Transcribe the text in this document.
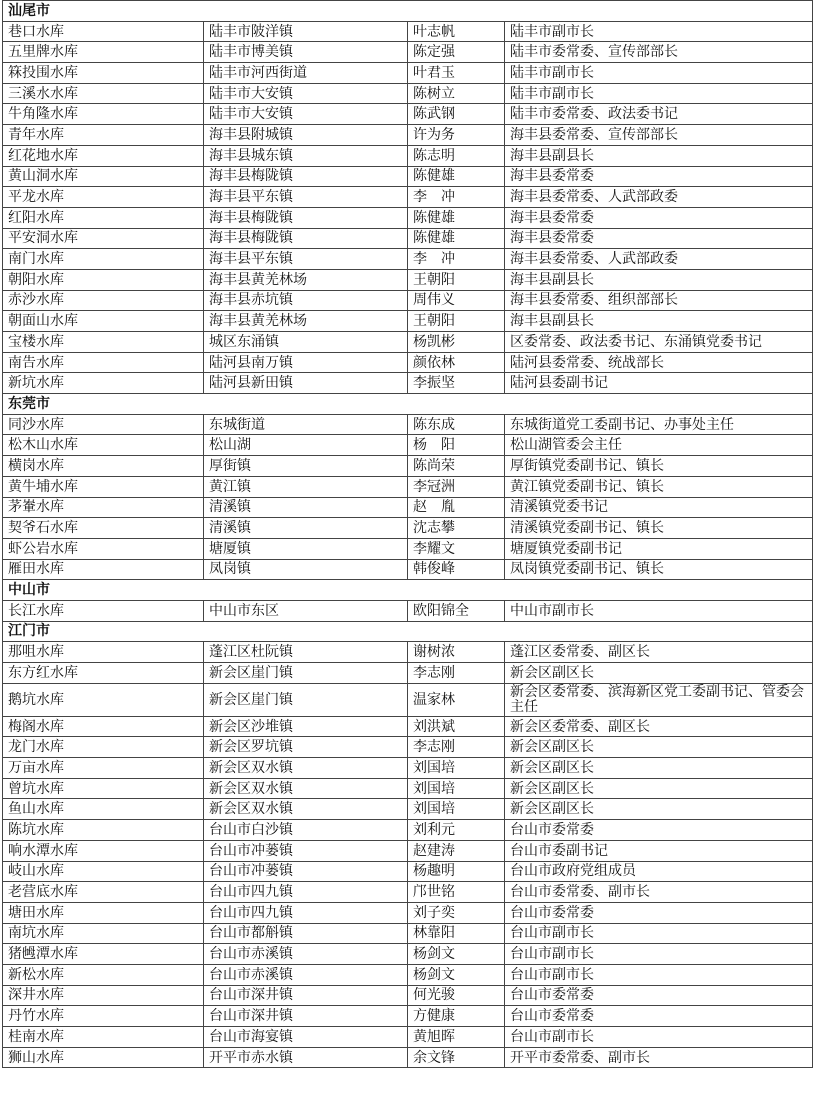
汕尾市			
巷口水库	陆丰市陂洋镇	叶志帆	陆丰市副市长
五里牌水库	陆丰市博美镇	陈定强	陆丰市委常委、宣传部部长
箖投围水库	陆丰市河西街道	叶君玉	陆丰市副市长
三溪水水库	陆丰市大安镇	陈树立	陆丰市副市长
牛角隆水库	陆丰市大安镇	陈武钢	陆丰市委常委、政法委书记
青年水库	海丰县附城镇	许为务	海丰县委常委、宣传部部长
红花地水库	海丰县城东镇	陈志明	海丰县副县长
黄山洞水库	海丰县梅陇镇	陈健雄	海丰县委常委
平龙水库	海丰县平东镇	李　冲	海丰县委常委、人武部政委
红阳水库	海丰县梅陇镇	陈健雄	海丰县委常委
平安洞水库	海丰县梅陇镇	陈健雄	海丰县委常委
南门水库	海丰县平东镇	李　冲	海丰县委常委、人武部政委
朝阳水库	海丰县黄羌林场	王朝阳	海丰县副县长
赤沙水库	海丰县赤坑镇	周伟义	海丰县委常委、组织部部长
朝面山水库	海丰县黄羌林场	王朝阳	海丰县副县长
宝楼水库	城区东涌镇	杨凯彬	区委常委、政法委书记、东涌镇党委书记
南告水库	陆河县南万镇	颜依林	陆河县委常委、统战部长
新坑水库	陆河县新田镇	李振坚	陆河县委副书记
东莞市			
同沙水库	东城街道	陈东成	东城街道党工委副书记、办事处主任
松木山水库	松山湖	杨　阳	松山湖管委会主任
横岗水库	厚街镇	陈尚荣	厚街镇党委副书记、镇长
黄牛埔水库	黄江镇	李冠洲	黄江镇党委副书记、镇长
茅輋水库	清溪镇	赵　胤	清溪镇党委书记
契爷石水库	清溪镇	沈志攀	清溪镇党委副书记、镇长
虾公岩水库	塘厦镇	李耀文	塘厦镇党委副书记
雁田水库	凤岗镇	韩俊峰	凤岗镇党委副书记、镇长
中山市			
长江水库	中山市东区	欧阳锦全	中山市副市长
江门市			
那咀水库	蓬江区杜阮镇	谢树浓	蓬江区委常委、副区长
东方红水库	新会区崖门镇	李志刚	新会区副区长
鹅坑水库	新会区崖门镇	温家林	新会区委常委、滨海新区党工委副书记、管委会主任
梅阁水库	新会区沙堆镇	刘洪斌	新会区委常委、副区长
龙门水库	新会区罗坑镇	李志刚	新会区副区长
万亩水库	新会区双水镇	刘国培	新会区副区长
曾坑水库	新会区双水镇	刘国培	新会区副区长
鱼山水库	新会区双水镇	刘国培	新会区副区长
陈坑水库	台山市白沙镇	刘利元	台山市委常委
响水潭水库	台山市冲蒌镇	赵建涛	台山市委副书记
岐山水库	台山市冲蒌镇	杨趣明	台山市政府党组成员
老营底水库	台山市四九镇	邝世铭	台山市委常委、副市长
塘田水库	台山市四九镇	刘子奕	台山市委常委
南坑水库	台山市都斛镇	林靠阳	台山市副市长
猪乸潭水库	台山市赤溪镇	杨剑文	台山市副市长
新松水库	台山市赤溪镇	杨剑文	台山市副市长
深井水库	台山市深井镇	何光骏	台山市委常委
丹竹水库	台山市深井镇	方健康	台山市委常委
桂南水库	台山市海宴镇	黄旭晖	台山市副市长
狮山水库	开平市赤水镇	余文锋	开平市委常委、副市长
